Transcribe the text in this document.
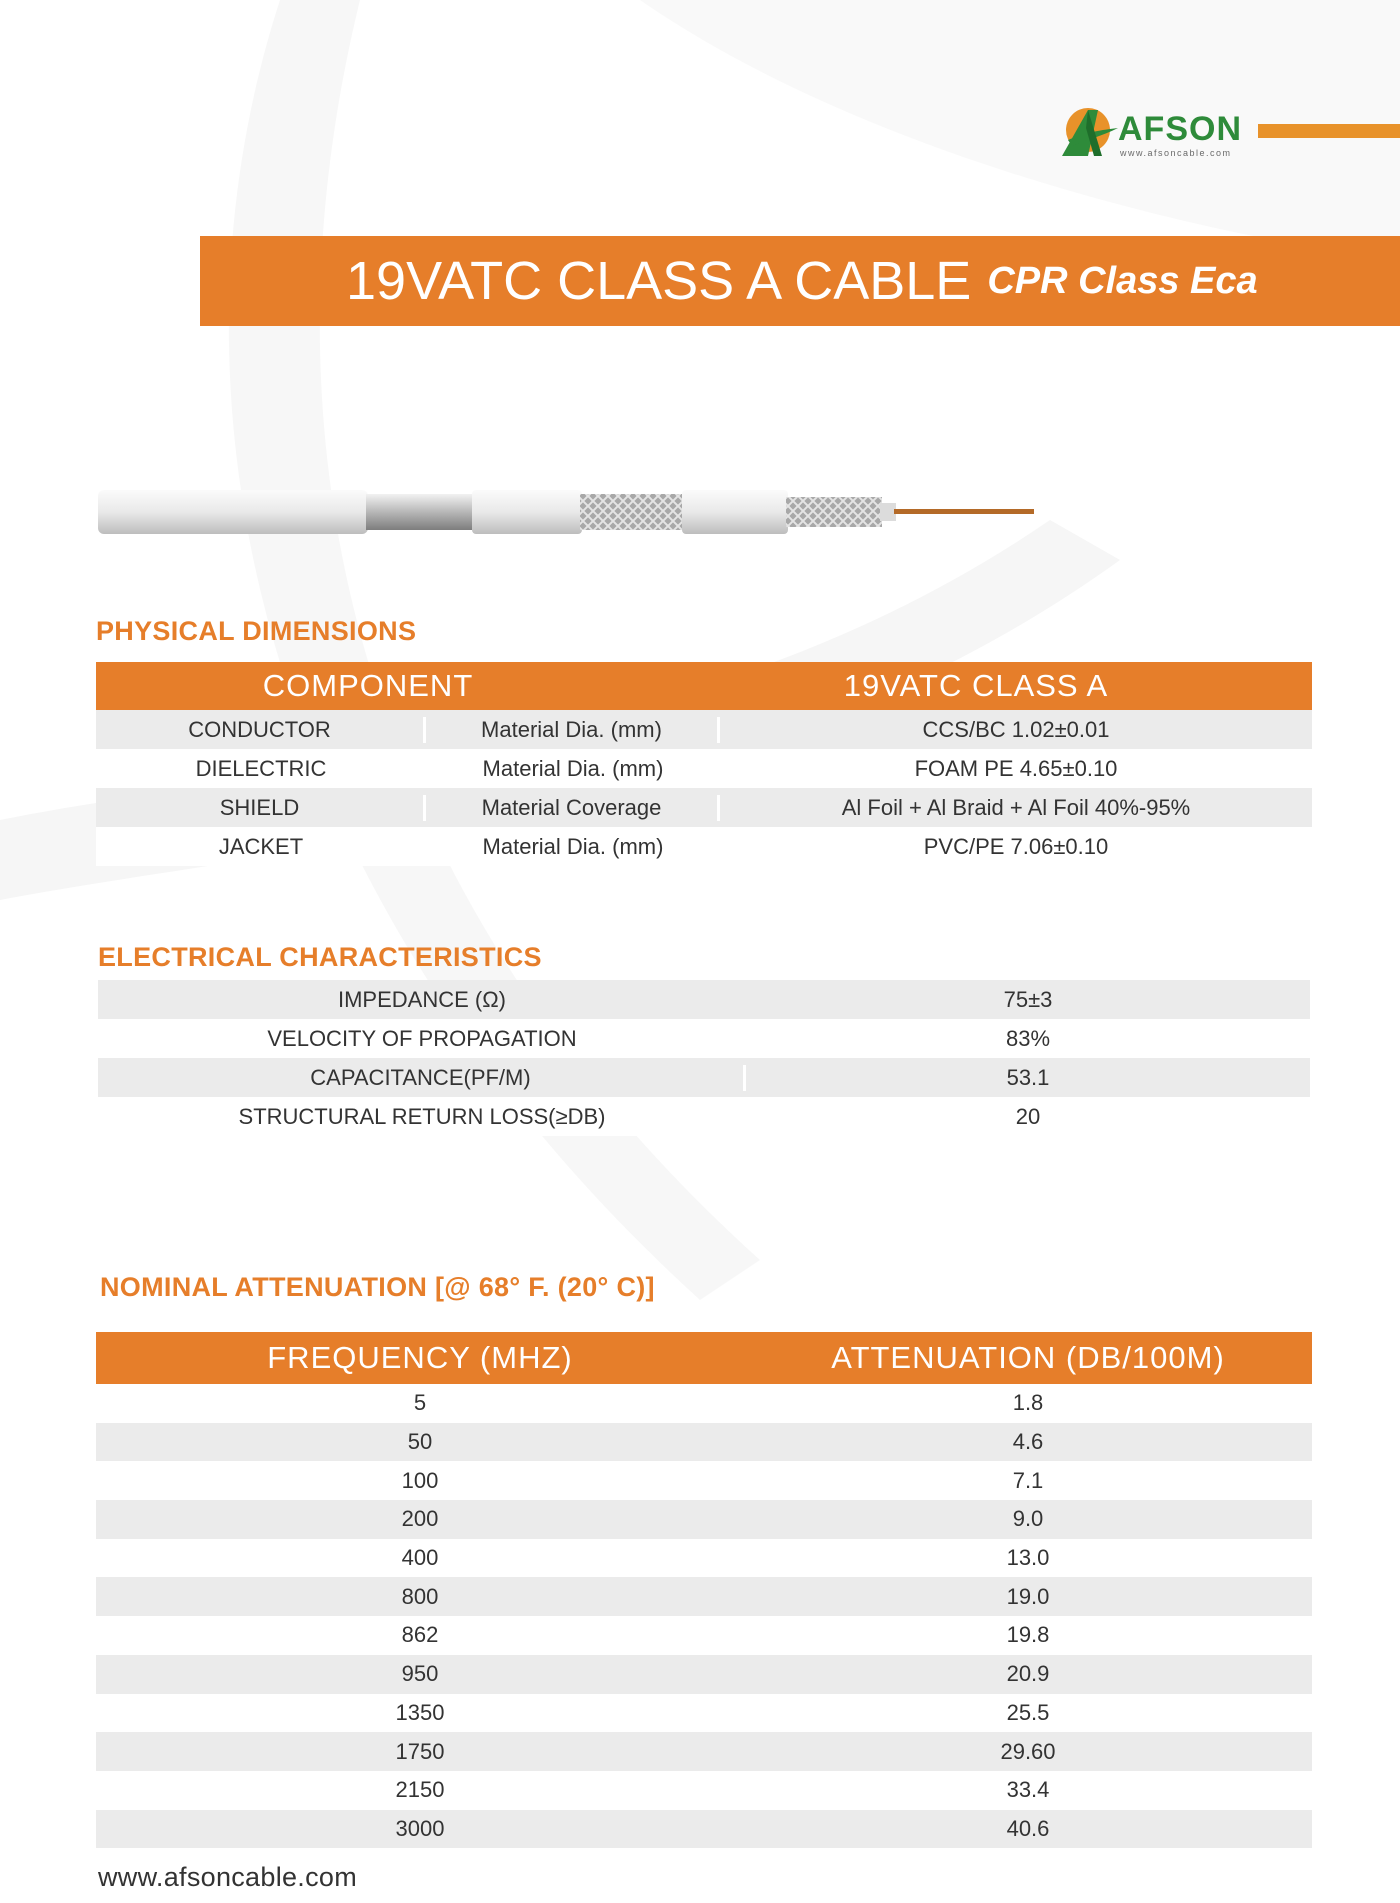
AFSON
www.afsoncable.com
19VATC CLASS A CABLE CPR Class Eca
PHYSICAL DIMENSIONS
COMPONENT	19VATC CLASS A
CONDUCTOR	Material Dia. (mm)	CCS/BC 1.02±0.01
DIELECTRIC	Material Dia. (mm)	FOAM PE 4.65±0.10
SHIELD	Material Coverage	Al Foil + Al Braid + Al Foil 40%-95%
JACKET	Material Dia. (mm)	PVC/PE 7.06±0.10
ELECTRICAL CHARACTERISTICS
IMPEDANCE (Ω)	75±3
VELOCITY OF PROPAGATION	83%
CAPACITANCE(PF/M)	53.1
STRUCTURAL RETURN LOSS(≥DB)	20
NOMINAL ATTENUATION [@ 68° F. (20° C)]
FREQUENCY (MHZ)	ATTENUATION (DB/100M)
5	1.8
50	4.6
100	7.1
200	9.0
400	13.0
800	19.0
862	19.8
950	20.9
1350	25.5
1750	29.60
2150	33.4
3000	40.6
www.afsoncable.com
